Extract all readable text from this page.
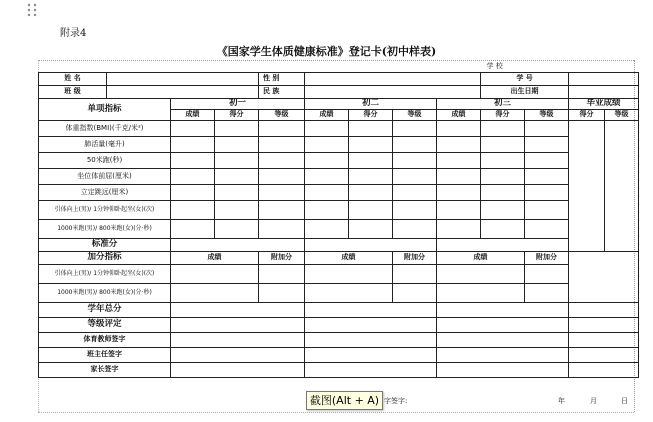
附录4
《国家学生体质健康标准》登记卡(初中样表)
									学 校			
姓 名				性 别					学 号			
班 级				民 族					出生日期			
单项指标		初一			初二			初三			毕业成绩	
		成绩	得分	等级	成绩	得分	等级	成绩	得分	等级	得分	等级
体重指数(BMI)(千克/米²)												
肺活量(毫升)												
50米跑(秒)												
坐位体前屈(厘米)												
立定跳远(厘米)												
引体向上(男)/ 1分钟仰卧起坐(女)(次)												
1000米跑(男)/ 800米跑(女)(分·秒)												
标准分												
加分指标		成绩		附加分	成绩		附加分	成绩		附加分		
引体向上(男)/ 1分钟仰卧起坐(女)(次)												
1000米跑(男)/ 800米跑(女)(分·秒)												
学年总分												
等级评定												
体育教师签字												
班主任签字												
家长签字												
字签字:	年	月	日
截图(Alt + A)
